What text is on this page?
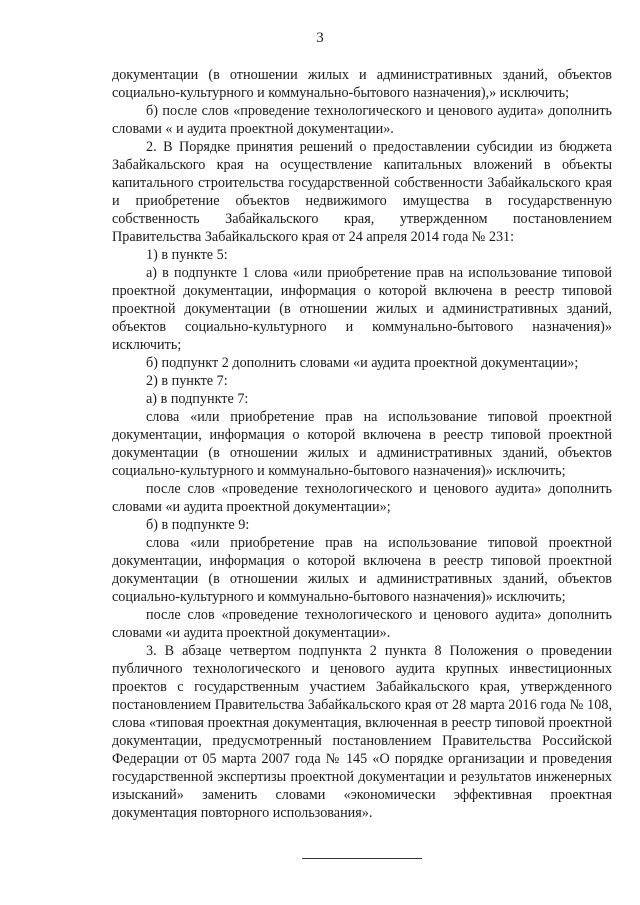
3

документации (в отношении жилых и административных зданий, объектов социально-культурного и коммунально-бытового назначения),» исключить;

б) после слов «проведение технологического и ценового аудита» дополнить словами « и аудита проектной документации».

2. В Порядке принятия решений о предоставлении субсидии из бюджета Забайкальского края на осуществление капитальных вложений в объекты капитального строительства государственной собственности Забайкальского края и приобретение объектов недвижимого имущества в государственную собственность Забайкальского края, утвержденном постановлением Правительства Забайкальского края от 24 апреля 2014 года № 231:

1) в пункте 5:

а) в подпункте 1 слова «или приобретение прав на использование типовой проектной документации, информация о которой включена в реестр типовой проектной документации (в отношении жилых и административных зданий, объектов социально-культурного и коммунально-бытового назначения)» исключить;

б) подпункт 2 дополнить словами «и аудита проектной документации»;

2) в пункте 7:

а) в подпункте 7:

слова «или приобретение прав на использование типовой проектной документации, информация о которой включена в реестр типовой проектной документации (в отношении жилых и административных зданий, объектов социально-культурного и коммунально-бытового назначения)» исключить;

после слов «проведение технологического и ценового аудита» дополнить словами «и аудита проектной документации»;

б) в подпункте 9:

слова «или приобретение прав на использование типовой проектной документации, информация о которой включена в реестр типовой проектной документации (в отношении жилых и административных зданий, объектов социально-культурного и коммунально-бытового назначения)» исключить;

после слов «проведение технологического и ценового аудита» дополнить словами «и аудита проектной документации».

3. В абзаце четвертом подпункта 2 пункта 8 Положения о проведении публичного технологического и ценового аудита крупных инвестиционных проектов с государственным участием Забайкальского края, утвержденного постановлением Правительства Забайкальского края от 28 марта 2016 года № 108, слова «типовая проектная документация, включенная в реестр типовой проектной документации, предусмотренный постановлением Правительства Российской Федерации от 05 марта 2007 года № 145 «О порядке организации и проведения государственной экспертизы проектной документации и результатов инженерных изысканий» заменить словами «экономически эффективная проектная документация повторного использования».
